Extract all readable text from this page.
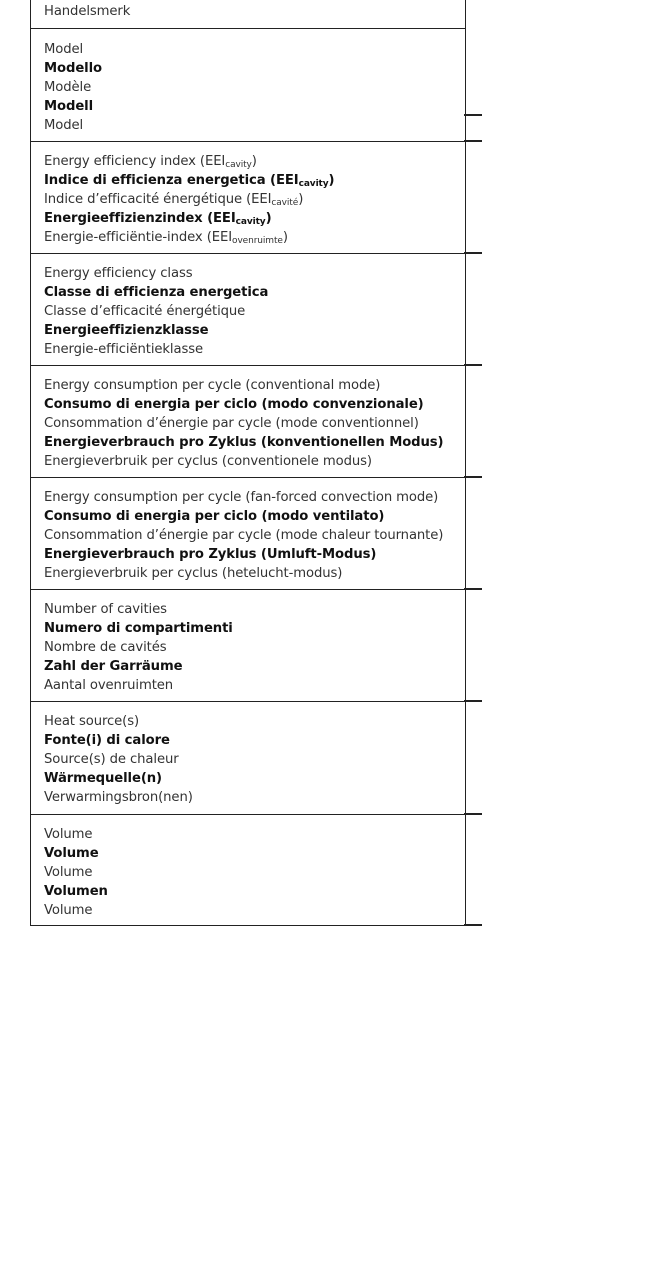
Handelsmerk
Model
Modello
Modèle
Modell
Model
Energy efficiency index $(EEI_{cavity})$
Indice di efficienza energetica $(EEI_{cavity})$
Indice d’efficacité énergétique $(EEI_{cavité})$
Energieeffizienzindex $(EEI_{cavity})$
Energie-efficiëntie-index $(EEI_{ovenruimte})$
Energy efficiency class
Classe di efficienza energetica
Classe d’efficacité énergétique
Energieeffizienzklasse
Energie-efficiëntieklasse
Energy consumption per cycle (conventional mode)
Consumo di energia per ciclo (modo convenzionale)
Consommation d’énergie par cycle (mode conventionnel)
Energieverbrauch pro Zyklus (konventionellen Modus)
Energieverbruik per cyclus (conventionele modus)
Energy consumption per cycle (fan-forced convection mode)
Consumo di energia per ciclo (modo ventilato)
Consommation d’énergie par cycle (mode chaleur tournante)
Energieverbrauch pro Zyklus (Umluft-Modus)
Energieverbruik per cyclus (hetelucht-modus)
Number of cavities
Numero di compartimenti
Nombre de cavités
Zahl der Garräume
Aantal ovenruimten
Heat source(s)
Fonte(i) di calore
Source(s) de chaleur
Wärmequelle(n)
Verwarmingsbron(nen)
Volume
Volume
Volume
Volumen
Volume
